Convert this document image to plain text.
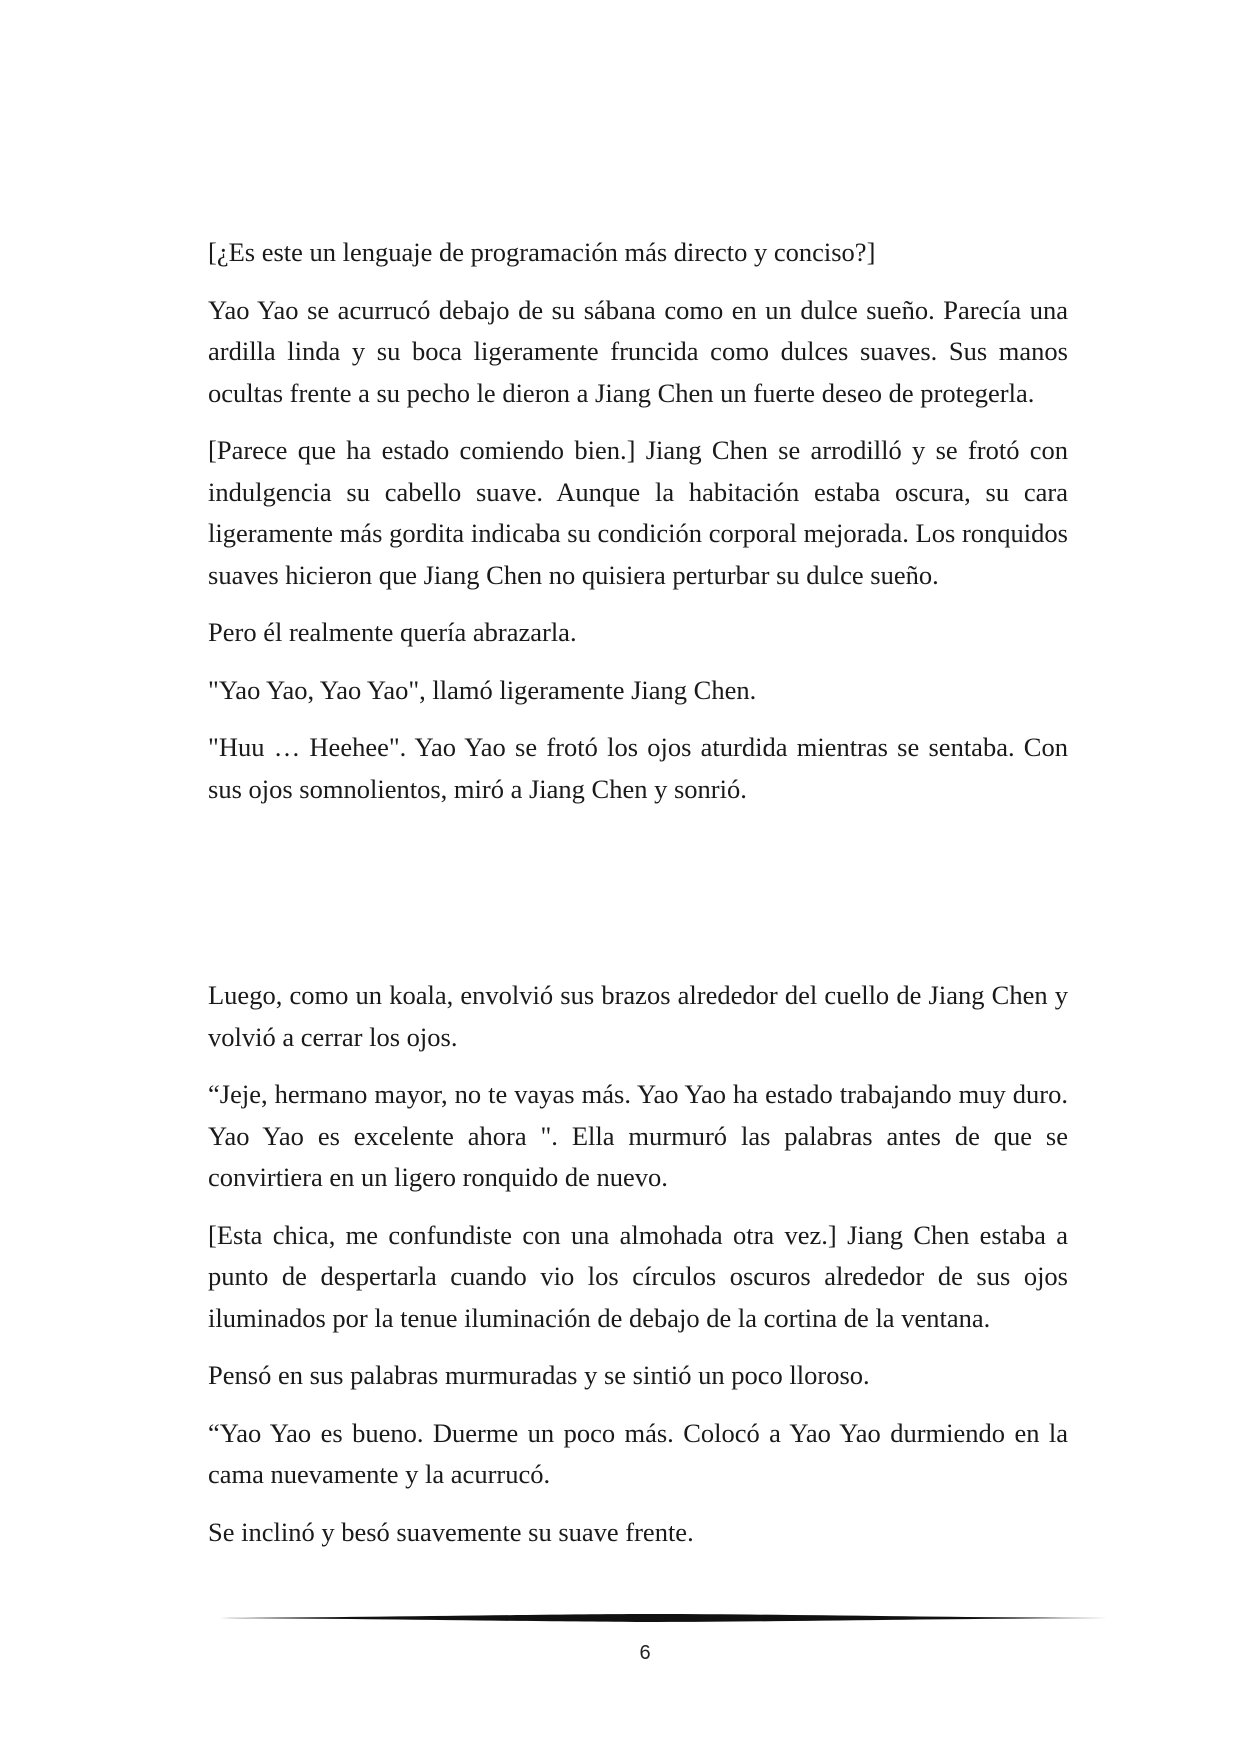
[¿Es este un lenguaje de programación más directo y conciso?]

Yao Yao se acurrucó debajo de su sábana como en un dulce sueño. Parecía una ardilla linda y su boca ligeramente fruncida como dulces suaves. Sus manos ocultas frente a su pecho le dieron a Jiang Chen un fuerte deseo de protegerla.

[Parece que ha estado comiendo bien.] Jiang Chen se arrodilló y se frotó con indulgencia su cabello suave. Aunque la habitación estaba oscura, su cara ligeramente más gordita indicaba su condición corporal mejorada. Los ronquidos suaves hicieron que Jiang Chen no quisiera perturbar su dulce sueño.

Pero él realmente quería abrazarla.

"Yao Yao, Yao Yao", llamó ligeramente Jiang Chen.

"Huu … Heehee". Yao Yao se frotó los ojos aturdida mientras se sentaba. Con sus ojos somnolientos, miró a Jiang Chen y sonrió.

Luego, como un koala, envolvió sus brazos alrededor del cuello de Jiang Chen y volvió a cerrar los ojos.

“Jeje, hermano mayor, no te vayas más. Yao Yao ha estado trabajando muy duro. Yao Yao es excelente ahora ". Ella murmuró las palabras antes de que se convirtiera en un ligero ronquido de nuevo.

[Esta chica, me confundiste con una almohada otra vez.] Jiang Chen estaba a punto de despertarla cuando vio los círculos oscuros alrededor de sus ojos iluminados por la tenue iluminación de debajo de la cortina de la ventana.

Pensó en sus palabras murmuradas y se sintió un poco lloroso.

“Yao Yao es bueno. Duerme un poco más. Colocó a Yao Yao durmiendo en la cama nuevamente y la acurrucó.

Se inclinó y besó suavemente su suave frente.

6
